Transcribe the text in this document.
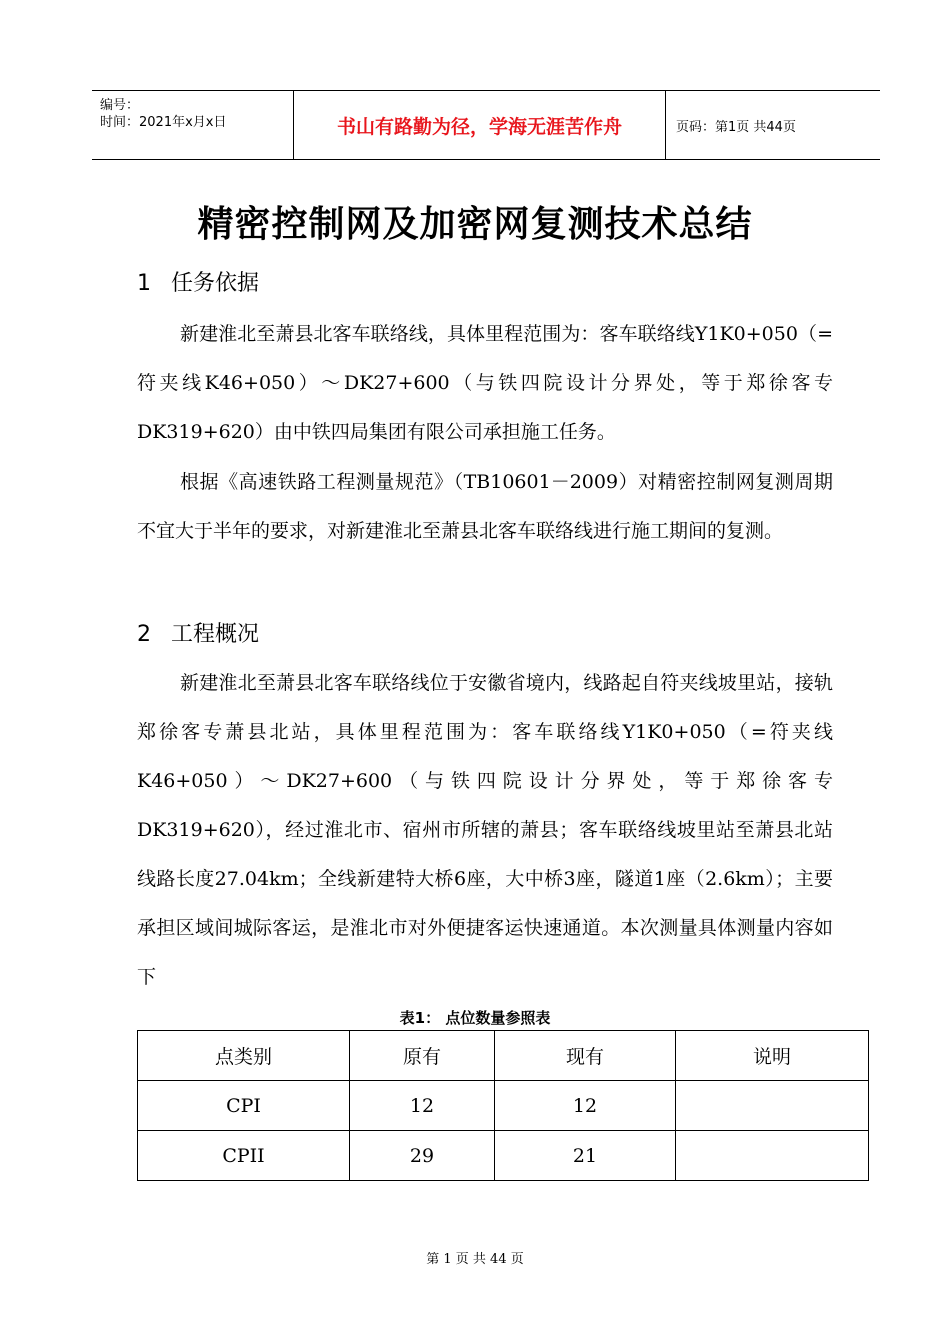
编号：
时间：2021年x月x日	书山有路勤为径，学海无涯苦作舟	页码：第1页 共44页
精密控制网及加密网复测技术总结
1 任务依据

新建淮北至萧县北客车联络线，具体里程范围为：客车联络线Y1K0+050（=符夹线K46+050）～DK27+600（与铁四院设计分界处，等于郑徐客专DK319+620）由中铁四局集团有限公司承担施工任务。

根据《高速铁路工程测量规范》（TB10601－2009）对精密控制网复测周期不宜大于半年的要求，对新建淮北至萧县北客车联络线进行施工期间的复测。

2 工程概况

新建淮北至萧县北客车联络线位于安徽省境内，线路起自符夹线坡里站，接轨郑徐客专萧县北站，具体里程范围为：客车联络线Y1K0+050（=符夹线K46+050）～DK27+600（与铁四院设计分界处，等于郑徐客专DK319+620），经过淮北市、宿州市所辖的萧县；客车联络线坡里站至萧县北站线路长度27.04km；全线新建特大桥6座，大中桥3座，隧道1座（2.6km）；主要承担区域间城际客运，是淮北市对外便捷客运快速通道。本次测量具体测量内容如下

表1： 点位数量参照表
点类别	原有	现有	说明
CPI	12	12	
CPII	29	21	
第 1 页 共 44 页
